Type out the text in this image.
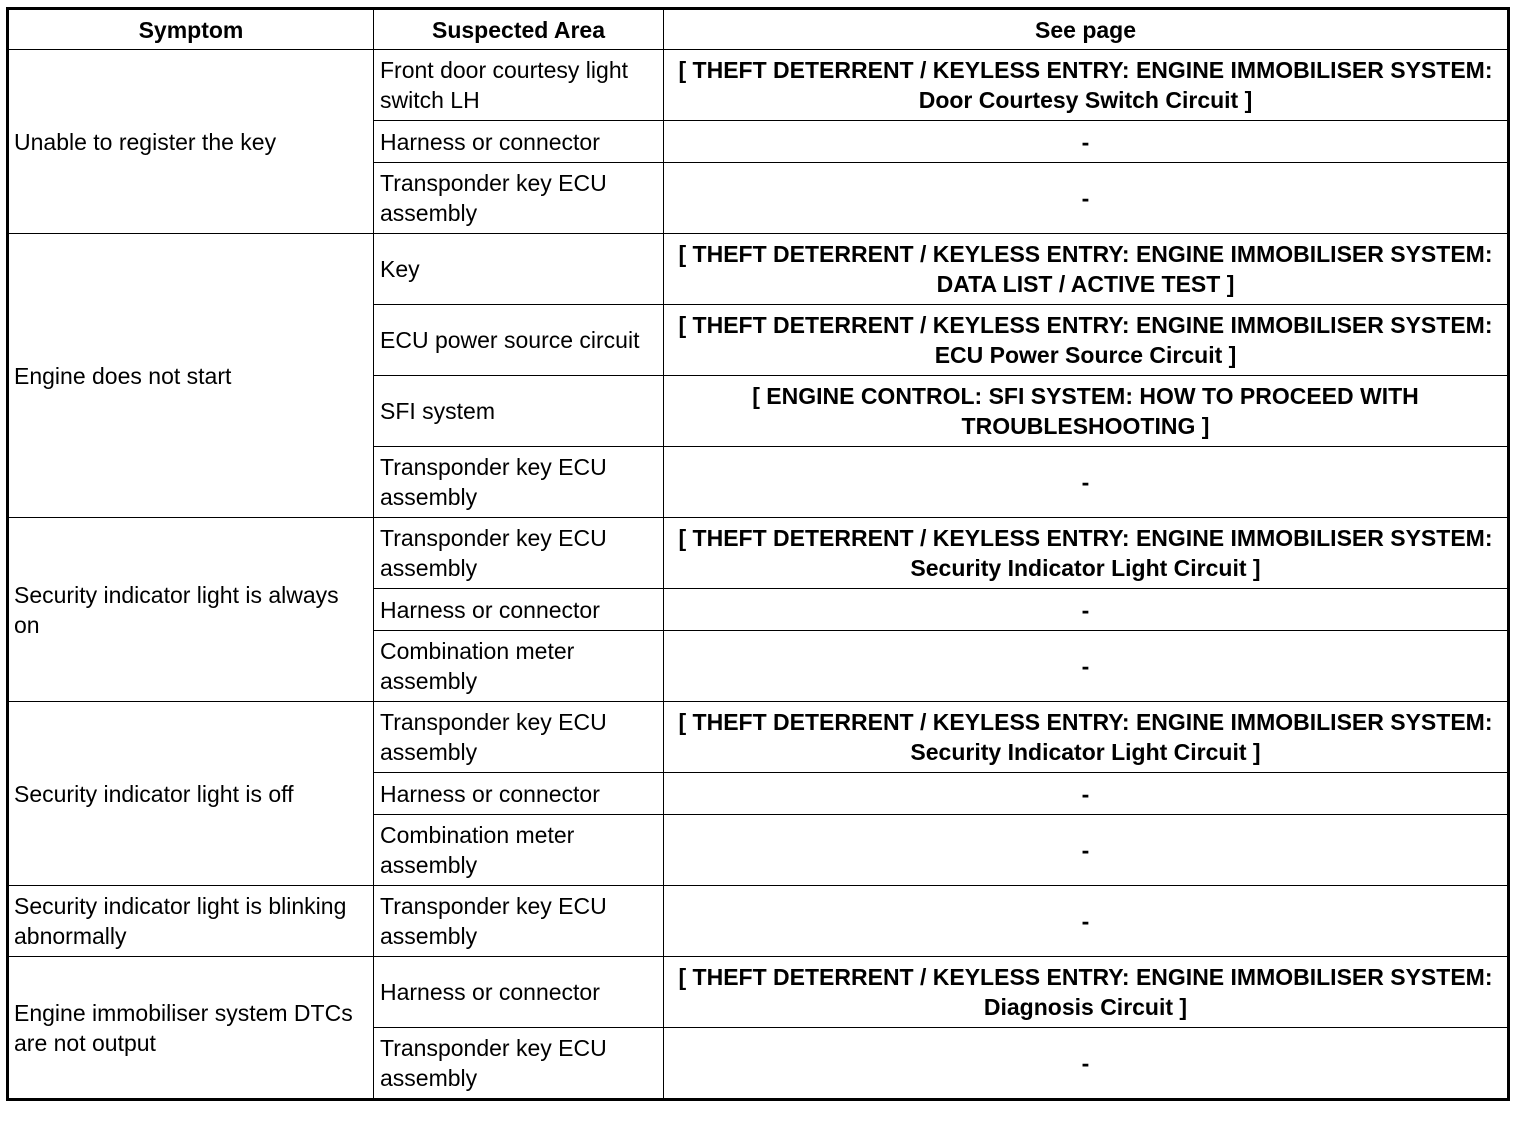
Symptom	Suspected Area	See page
Unable to register the key	Front door courtesy light switch LH	[ THEFT DETERRENT / KEYLESS ENTRY: ENGINE IMMOBILISER SYSTEM: Door Courtesy Switch Circuit ]
	Harness or connector	-
	Transponder key ECU assembly	-
Engine does not start	Key	[ THEFT DETERRENT / KEYLESS ENTRY: ENGINE IMMOBILISER SYSTEM: DATA LIST / ACTIVE TEST ]
	ECU power source circuit	[ THEFT DETERRENT / KEYLESS ENTRY: ENGINE IMMOBILISER SYSTEM: ECU Power Source Circuit ]
	SFI system	[ ENGINE CONTROL: SFI SYSTEM: HOW TO PROCEED WITH TROUBLESHOOTING ]
	Transponder key ECU assembly	-
Security indicator light is always on	Transponder key ECU assembly	[ THEFT DETERRENT / KEYLESS ENTRY: ENGINE IMMOBILISER SYSTEM: Security Indicator Light Circuit ]
	Harness or connector	-
	Combination meter assembly	-
Security indicator light is off	Transponder key ECU assembly	[ THEFT DETERRENT / KEYLESS ENTRY: ENGINE IMMOBILISER SYSTEM: Security Indicator Light Circuit ]
	Harness or connector	-
	Combination meter assembly	-
Security indicator light is blinking abnormally	Transponder key ECU assembly	-
Engine immobiliser system DTCs are not output	Harness or connector	[ THEFT DETERRENT / KEYLESS ENTRY: ENGINE IMMOBILISER SYSTEM: Diagnosis Circuit ]
	Transponder key ECU assembly	-
